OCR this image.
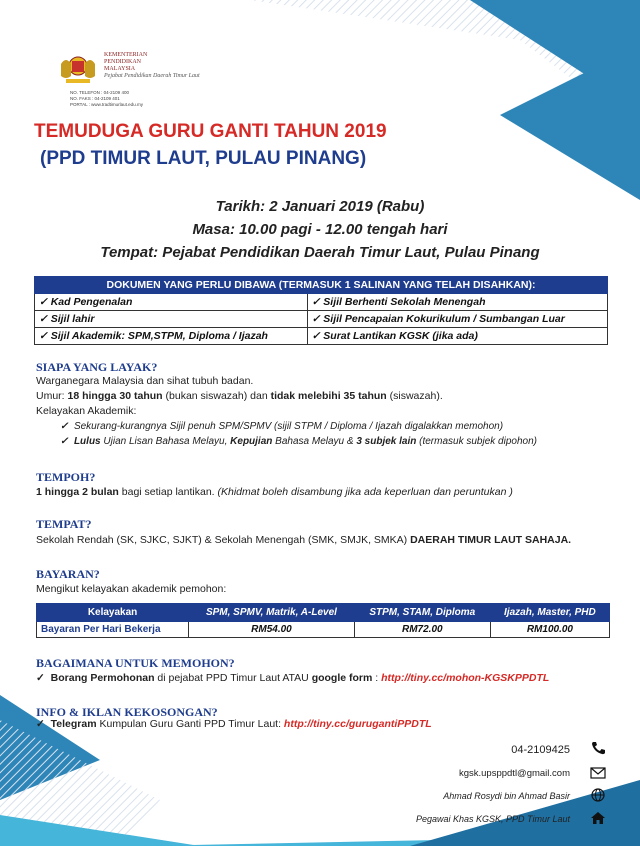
KEMENTERIAN
PENDIDIKAN
MALAYSIA
Pejabat Pendidikan Daerah Timur Laut
NO. TELEFON : 04-2109 400
NO. FAKS : 04-2109 401
PORTAL : www.tradtimurlaut.edu.my
TEMUDUGA GURU GANTI TAHUN 2019
(PPD TIMUR LAUT, PULAU PINANG)
Tarikh: 2 Januari 2019 (Rabu)
Masa: 10.00 pagi - 12.00 tengah hari
Tempat: Pejabat Pendidikan Daerah Timur Laut, Pulau Pinang
DOKUMEN YANG PERLU DIBAWA (TERMASUK 1 SALINAN YANG TELAH DISAHKAN):	
✓ Kad Pengenalan	✓ Sijil Berhenti Sekolah Menengah
✓ Sijil lahir	✓ Sijil Pencapaian Kokurikulum / Sumbangan Luar
✓ Sijil Akademik: SPM,STPM, Diploma / Ijazah	✓ Surat Lantikan KGSK (jika ada)
SIAPA YANG LAYAK?
Warganegara Malaysia dan sihat tubuh badan.
Umur: 18 hingga 30 tahun (bukan siswazah) dan tidak melebihi 35 tahun (siswazah).
Kelayakan Akademik:
✓ Sekurang-kurangnya Sijil penuh SPM/SPMV (sijil STPM / Diploma / Ijazah digalakkan memohon)
✓ Lulus Ujian Lisan Bahasa Melayu, Kepujian Bahasa Melayu & 3 subjek lain (termasuk subjek dipohon)
TEMPOH?
1 hingga 2 bulan bagi setiap lantikan. (Khidmat boleh disambung jika ada keperluan dan peruntukan )
TEMPAT?
Sekolah Rendah (SK, SJKC, SJKT) & Sekolah Menengah (SMK, SMJK, SMKA) DAERAH TIMUR LAUT SAHAJA.
BAYARAN?
Mengikut kelayakan akademik pemohon:
Kelayakan	SPM, SPMV, Matrik, A-Level	STPM, STAM, Diploma	Ijazah, Master, PHD
Bayaran Per Hari Bekerja	RM54.00	RM72.00	RM100.00
BAGAIMANA UNTUK MEMOHON?
✓ Borang Permohonan di pejabat PPD Timur Laut ATAU google form : http://tiny.cc/mohon-KGSKPPDTL
INFO & IKLAN KEKOSONGAN?
✓ Telegram Kumpulan Guru Ganti PPD Timur Laut: http://tiny.cc/gurugantiPPDTL
04-2109425
kgsk.upsppdtl@gmail.com
Ahmad Rosydi bin Ahmad Basir
Pegawai Khas KGSK, PPD Timur Laut
